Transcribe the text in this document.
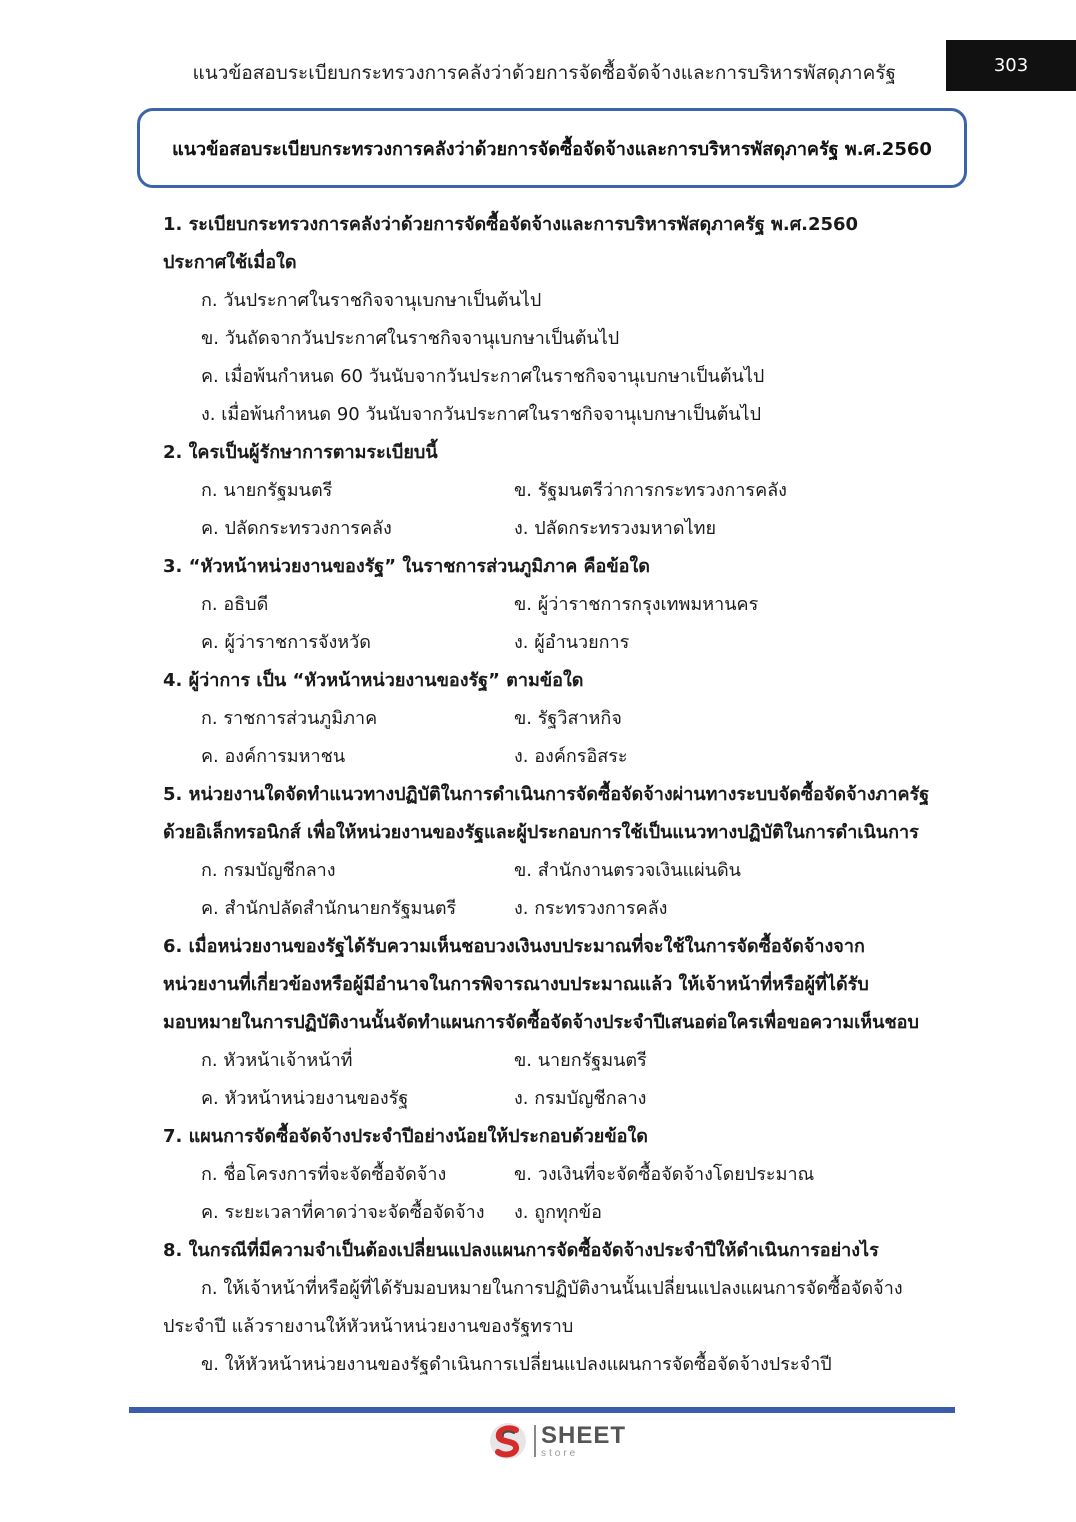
แนวข้อสอบระเบียบกระทรวงการคลังว่าด้วยการจัดซื้อจัดจ้างและการบริหารพัสดุภาครัฐ	303
แนวข้อสอบระเบียบกระทรวงการคลังว่าด้วยการจัดซื้อจัดจ้างและการบริหารพัสดุภาครัฐ พ.ศ.2560
1. ระเบียบกระทรวงการคลังว่าด้วยการจัดซื้อจัดจ้างและการบริหารพัสดุภาครัฐ พ.ศ.2560
ประกาศใช้เมื่อใด
ก. วันประกาศในราชกิจจานุเบกษาเป็นต้นไป
ข. วันถัดจากวันประกาศในราชกิจจานุเบกษาเป็นต้นไป
ค. เมื่อพ้นกำหนด 60 วันนับจากวันประกาศในราชกิจจานุเบกษาเป็นต้นไป
ง. เมื่อพ้นกำหนด 90 วันนับจากวันประกาศในราชกิจจานุเบกษาเป็นต้นไป
2. ใครเป็นผู้รักษาการตามระเบียบนี้
ก. นายกรัฐมนตรี	ข. รัฐมนตรีว่าการกระทรวงการคลัง
ค. ปลัดกระทรวงการคลัง	ง. ปลัดกระทรวงมหาดไทย
3. “หัวหน้าหน่วยงานของรัฐ” ในราชการส่วนภูมิภาค คือข้อใด
ก. อธิบดี	ข. ผู้ว่าราชการกรุงเทพมหานคร
ค. ผู้ว่าราชการจังหวัด	ง. ผู้อำนวยการ
4. ผู้ว่าการ เป็น “หัวหน้าหน่วยงานของรัฐ” ตามข้อใด
ก. ราชการส่วนภูมิภาค	ข. รัฐวิสาหกิจ
ค. องค์การมหาชน	ง. องค์กรอิสระ
5. หน่วยงานใดจัดทำแนวทางปฏิบัติในการดำเนินการจัดซื้อจัดจ้างผ่านทางระบบจัดซื้อจัดจ้างภาครัฐ
ด้วยอิเล็กทรอนิกส์ เพื่อให้หน่วยงานของรัฐและผู้ประกอบการใช้เป็นแนวทางปฏิบัติในการดำเนินการ
ก. กรมบัญชีกลาง	ข. สำนักงานตรวจเงินแผ่นดิน
ค. สำนักปลัดสำนักนายกรัฐมนตรี	ง. กระทรวงการคลัง
6. เมื่อหน่วยงานของรัฐได้รับความเห็นชอบวงเงินงบประมาณที่จะใช้ในการจัดซื้อจัดจ้างจาก
หน่วยงานที่เกี่ยวข้องหรือผู้มีอำนาจในการพิจารณางบประมาณแล้ว ให้เจ้าหน้าที่หรือผู้ที่ได้รับ
มอบหมายในการปฏิบัติงานนั้นจัดทำแผนการจัดซื้อจัดจ้างประจำปีเสนอต่อใครเพื่อขอความเห็นชอบ
ก. หัวหน้าเจ้าหน้าที่	ข. นายกรัฐมนตรี
ค. หัวหน้าหน่วยงานของรัฐ	ง. กรมบัญชีกลาง
7. แผนการจัดซื้อจัดจ้างประจำปีอย่างน้อยให้ประกอบด้วยข้อใด
ก. ชื่อโครงการที่จะจัดซื้อจัดจ้าง	ข. วงเงินที่จะจัดซื้อจัดจ้างโดยประมาณ
ค. ระยะเวลาที่คาดว่าจะจัดซื้อจัดจ้าง	ง. ถูกทุกข้อ
8. ในกรณีที่มีความจำเป็นต้องเปลี่ยนแปลงแผนการจัดซื้อจัดจ้างประจำปีให้ดำเนินการอย่างไร
ก. ให้เจ้าหน้าที่หรือผู้ที่ได้รับมอบหมายในการปฏิบัติงานนั้นเปลี่ยนแปลงแผนการจัดซื้อจัดจ้าง
ประจำปี แล้วรายงานให้หัวหน้าหน่วยงานของรัฐทราบ
ข. ให้หัวหน้าหน่วยงานของรัฐดำเนินการเปลี่ยนแปลงแผนการจัดซื้อจัดจ้างประจำปี
SHEET
store
